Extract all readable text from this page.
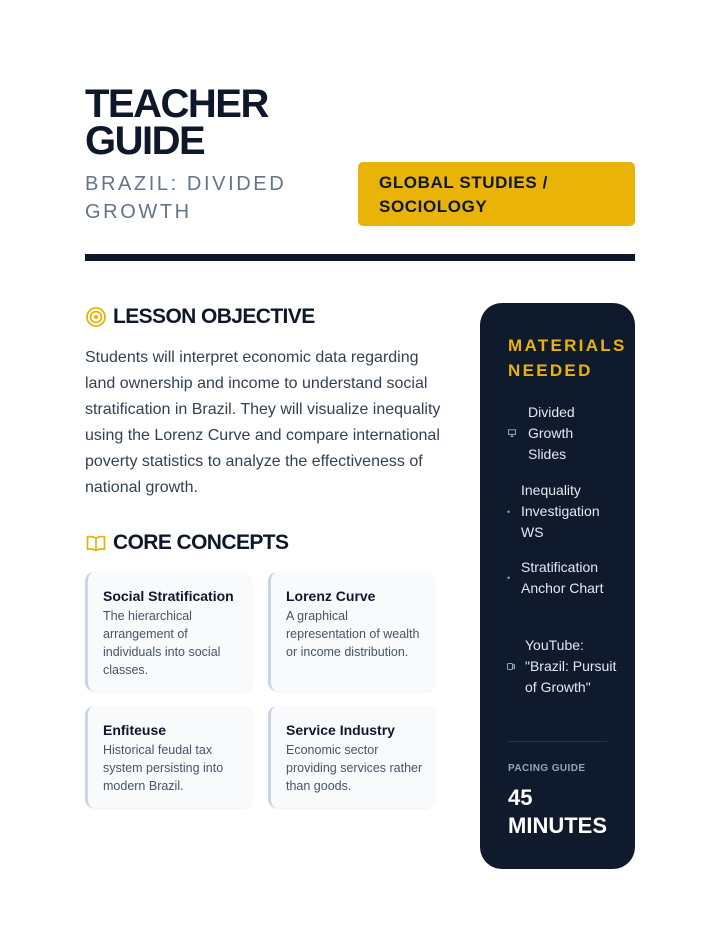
TEACHER
GUIDE

BRAZIL: DIVIDED GROWTH

GLOBAL STUDIES / SOCIOLOGY
LESSON OBJECTIVE

Students will interpret economic data regarding land ownership and income to understand social stratification in Brazil. They will visualize inequality using the Lorenz Curve and compare international poverty statistics to analyze the effectiveness of national growth.

CORE CONCEPTS

Social Stratification

The hierarchical arrangement of individuals into social classes.

Lorenz Curve

A graphical representation of wealth or income distribution.

Enfiteuse

Historical feudal tax system persisting into modern Brazil.

Service Industry

Economic sector providing services rather than goods.

MATERIALS NEEDED

Divided Growth Slides
•
Inequality Investigation WS
•
Stratification Anchor Chart
YouTube: "Brazil: Pursuit of Growth"

PACING GUIDE

45 MINUTES
